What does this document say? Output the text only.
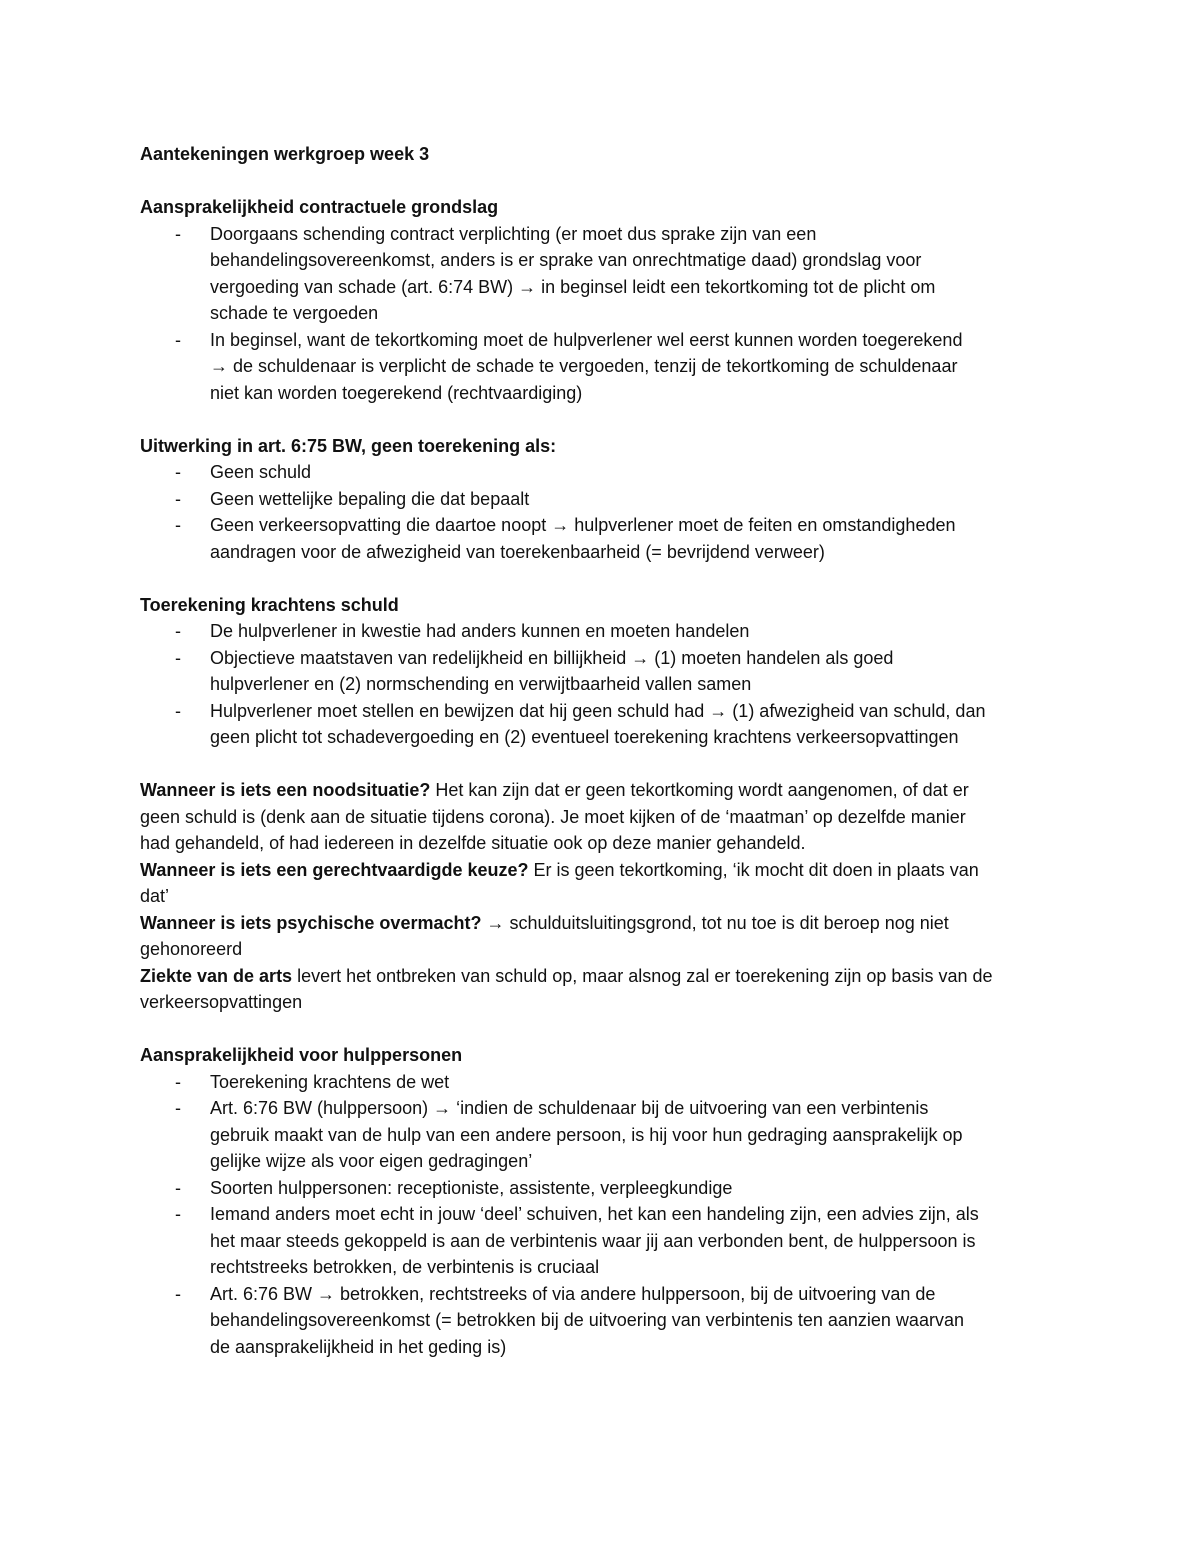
Aantekeningen werkgroep week 3
Aansprakelijkheid contractuele grondslag
- Doorgaans schending contract verplichting (er moet dus sprake zijn van een
behandelingsovereenkomst, anders is er sprake van onrechtmatige daad) grondslag voor
vergoeding van schade (art. 6:74 BW) → in beginsel leidt een tekortkoming tot de plicht om
schade te vergoeden
- In beginsel, want de tekortkoming moet de hulpverlener wel eerst kunnen worden toegerekend
→ de schuldenaar is verplicht de schade te vergoeden, tenzij de tekortkoming de schuldenaar
niet kan worden toegerekend (rechtvaardiging)
Uitwerking in art. 6:75 BW, geen toerekening als:
- Geen schuld
- Geen wettelijke bepaling die dat bepaalt
- Geen verkeersopvatting die daartoe noopt → hulpverlener moet de feiten en omstandigheden
aandragen voor de afwezigheid van toerekenbaarheid (= bevrijdend verweer)
Toerekening krachtens schuld
- De hulpverlener in kwestie had anders kunnen en moeten handelen
- Objectieve maatstaven van redelijkheid en billijkheid → (1) moeten handelen als goed
hulpverlener en (2) normschending en verwijtbaarheid vallen samen
- Hulpverlener moet stellen en bewijzen dat hij geen schuld had → (1) afwezigheid van schuld, dan
geen plicht tot schadevergoeding en (2) eventueel toerekening krachtens verkeersopvattingen
Wanneer is iets een noodsituatie? Het kan zijn dat er geen tekortkoming wordt aangenomen, of dat er
geen schuld is (denk aan de situatie tijdens corona). Je moet kijken of de ‘maatman’ op dezelfde manier
had gehandeld, of had iedereen in dezelfde situatie ook op deze manier gehandeld.
Wanneer is iets een gerechtvaardigde keuze? Er is geen tekortkoming, ‘ik mocht dit doen in plaats van
dat’
Wanneer is iets psychische overmacht? → schulduitsluitingsgrond, tot nu toe is dit beroep nog niet
gehonoreerd
Ziekte van de arts levert het ontbreken van schuld op, maar alsnog zal er toerekening zijn op basis van de
verkeersopvattingen
Aansprakelijkheid voor hulppersonen
- Toerekening krachtens de wet
- Art. 6:76 BW (hulppersoon) → ‘indien de schuldenaar bij de uitvoering van een verbintenis
gebruik maakt van de hulp van een andere persoon, is hij voor hun gedraging aansprakelijk op
gelijke wijze als voor eigen gedragingen’
- Soorten hulppersonen: receptioniste, assistente, verpleegkundige
- Iemand anders moet echt in jouw ‘deel’ schuiven, het kan een handeling zijn, een advies zijn, als
het maar steeds gekoppeld is aan de verbintenis waar jij aan verbonden bent, de hulppersoon is
rechtstreeks betrokken, de verbintenis is cruciaal
- Art. 6:76 BW → betrokken, rechtstreeks of via andere hulppersoon, bij de uitvoering van de
behandelingsovereenkomst (= betrokken bij de uitvoering van verbintenis ten aanzien waarvan
de aansprakelijkheid in het geding is)
